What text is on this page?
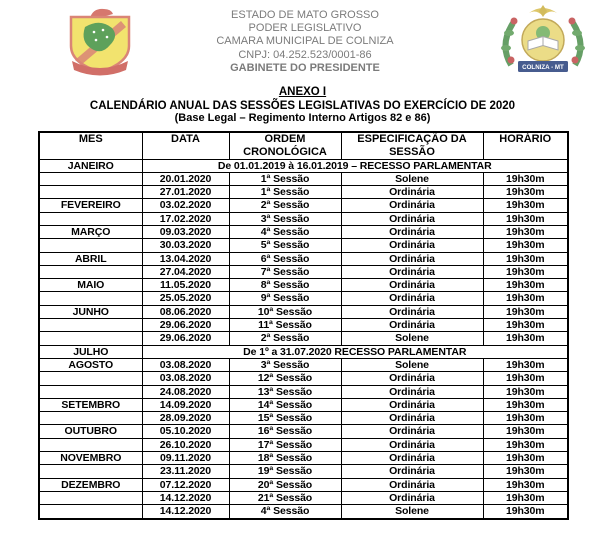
ESTADO DE MATO GROSSO
PODER LEGISLATIVO
CAMARA MUNICIPAL DE COLNIZA
CNPJ: 04.252.523/0001-86
GABINETE DO PRESIDENTE	COLNIZA - MT
ANEXO I
CALENDÁRIO ANUAL DAS SESSÕES LEGISLATIVAS DO EXERCÍCIO DE 2020
(Base Legal – Regimento Interno Artigos 82 e 86)
MES	DATA	ORDEM CRONOLÓGICA	ESPECIFICAÇÃO DA SESSÃO	HORÁRIO
JANEIRO	De 01.01.2019 à 16.01.2019 – RECESSO PARLAMENTAR			
	20.01.2020	1ª Sessão	Solene	19h30m
	27.01.2020	1ª Sessão	Ordinária	19h30m
FEVEREIRO	03.02.2020	2ª Sessão	Ordinária	19h30m
	17.02.2020	3ª Sessão	Ordinária	19h30m
MARÇO	09.03.2020	4ª Sessão	Ordinária	19h30m
	30.03.2020	5ª Sessão	Ordinária	19h30m
ABRIL	13.04.2020	6ª Sessão	Ordinária	19h30m
	27.04.2020	7ª Sessão	Ordinária	19h30m
MAIO	11.05.2020	8ª Sessão	Ordinária	19h30m
	25.05.2020	9ª Sessão	Ordinária	19h30m
JUNHO	08.06.2020	10ª Sessão	Ordinária	19h30m
	29.06.2020	11ª Sessão	Ordinária	19h30m
	29.06.2020	2ª Sessão	Solene	19h30m
JULHO	De 1º a 31.07.2020 RECESSO PARLAMENTAR			
AGOSTO	03.08.2020	3ª Sessão	Solene	19h30m
	03.08.2020	12ª Sessão	Ordinária	19h30m
	24.08.2020	13ª Sessão	Ordinária	19h30m
SETEMBRO	14.09.2020	14ª Sessão	Ordinária	19h30m
	28.09.2020	15ª Sessão	Ordinária	19h30m
OUTUBRO	05.10.2020	16ª Sessão	Ordinária	19h30m
	26.10.2020	17ª Sessão	Ordinária	19h30m
NOVEMBRO	09.11.2020	18ª Sessão	Ordinária	19h30m
	23.11.2020	19ª Sessão	Ordinária	19h30m
DEZEMBRO	07.12.2020	20ª Sessão	Ordinária	19h30m
	14.12.2020	21ª Sessão	Ordinária	19h30m
	14.12.2020	4ª Sessão	Solene	19h30m
